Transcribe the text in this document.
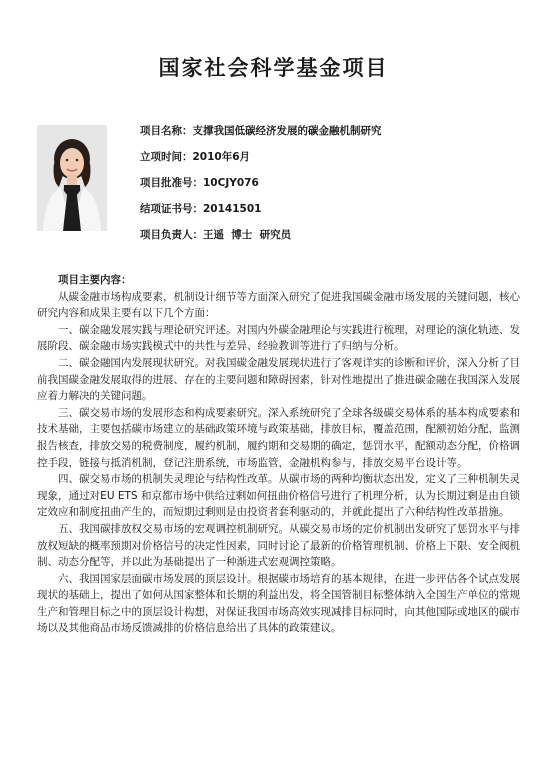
国家社会科学基金项目
项目名称：支撑我国低碳经济发展的碳金融机制研究
立项时间：2010年6月
项目批准号：10CJY076
结项证书号：20141501
项目负责人：王遥  博士  研究员
项目主要内容：

从碳金融市场构成要素，机制设计细节等方面深入研究了促进我国碳金融市场发展的关键问题，核心研究内容和成果主要有以下几个方面：

一、碳金融发展实践与理论研究评述。对国内外碳金融理论与实践进行梳理，对理论的演化轨迹、发展阶段、碳金融市场实践模式中的共性与差异、经验教训等进行了归纳与分析。

二、碳金融国内发展现状研究。对我国碳金融发展现状进行了客观详实的诊断和评价，深入分析了目前我国碳金融发展取得的进展、存在的主要问题和障碍因素，针对性地提出了推进碳金融在我国深入发展应着力解决的关键问题。

三、碳交易市场的发展形态和构成要素研究。深入系统研究了全球各级碳交易体系的基本构成要素和技术基础，主要包括碳市场建立的基础政策环境与政策基础，排放目标，覆盖范围，配额初始分配，监测报告核查，排放交易的税费制度，履约机制，履约期和交易期的确定，惩罚水平，配额动态分配，价格调控手段，链接与抵消机制，登记注册系统，市场监管，金融机构参与，排放交易平台设计等。

四、碳交易市场的机制失灵理论与结构性改革。从碳市场的两种均衡状态出发，定义了三种机制失灵现象，通过对EU ETS 和京都市场中供给过剩如何扭曲价格信号进行了机理分析，认为长期过剩是由自锁定效应和制度扭曲产生的，而短期过剩则是由投资者套利驱动的，并就此提出了六种结构性改革措施。

五、我国碳排放权交易市场的宏观调控机制研究。从碳交易市场的定价机制出发研究了惩罚水平与排放权短缺的概率预期对价格信号的决定性因素，同时讨论了最新的价格管理机制、价格上下限、安全阀机制、动态分配等，并以此为基础提出了一种渐进式宏观调控策略。

六、我国国家层面碳市场发展的顶层设计。根据碳市场培育的基本规律，在进一步评估各个试点发展现状的基础上，提出了如何从国家整体和长期的利益出发，将全国管制目标整体纳入全国生产单位的常规生产和管理目标之中的顶层设计构想，对保证我国市场高效实现减排目标同时，向其他国际或地区的碳市场以及其他商品市场反馈减排的价格信息给出了具体的政策建议。
